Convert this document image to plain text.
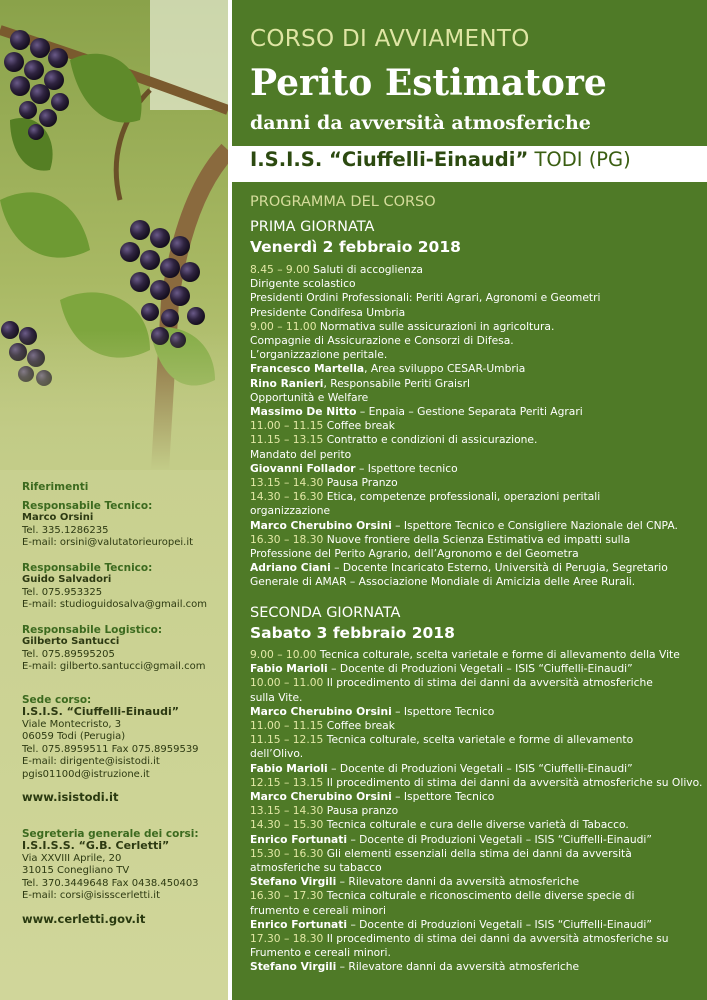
Riferimenti
Responsabile Tecnico:
Marco Orsini
Tel. 335.1286235
E-mail: orsini@valutatorieuropei.it
Responsabile Tecnico:
Guido Salvadori
Tel. 075.953325
E-mail: studioguidosalva@gmail.com
Responsabile Logistico:
Gilberto Santucci
Tel. 075.89595205
E-mail: gilberto.santucci@gmail.com
Sede corso:
I.S.I.S. “Ciuffelli-Einaudi”
Viale Montecristo, 3
06059 Todi (Perugia)
Tel. 075.8959511 Fax 075.8959539
E-mail: dirigente@isistodi.it
pgis01100d@istruzione.it
www.isistodi.it
Segreteria generale dei corsi:
I.S.I.S.S. “G.B. Cerletti”
Via XXVIII Aprile, 20
31015 Conegliano TV
Tel. 370.3449648 Fax 0438.450403
E-mail: corsi@isisscerletti.it
www.cerletti.gov.it
CORSO DI AVVIAMENTO
Perito Estimatore
danni da avversità atmosferiche
I.S.I.S. “Ciuffelli-Einaudi” TODI (PG)
PROGRAMMA DEL CORSO
PRIMA GIORNATA
Venerdì 2 febbraio 2018
8.45 – 9.00 Saluti di accoglienza
Dirigente scolastico
Presidenti Ordini Professionali: Periti Agrari, Agronomi e Geometri
Presidente Condifesa Umbria
9.00 – 11.00 Normativa sulle assicurazioni in agricoltura.
Compagnie di Assicurazione e Consorzi di Difesa.
L’organizzazione peritale.
Francesco Martella, Area sviluppo CESAR-Umbria
Rino Ranieri, Responsabile Periti Graisrl
Opportunità e Welfare
Massimo De Nitto – Enpaia – Gestione Separata Periti Agrari
11.00 – 11.15 Coffee break
11.15 – 13.15 Contratto e condizioni di assicurazione.
Mandato del perito
Giovanni Follador – Ispettore tecnico
13.15 – 14.30 Pausa Pranzo
14.30 – 16.30 Etica, competenze professionali, operazioni peritali
organizzazione
Marco Cherubino Orsini – Ispettore Tecnico e Consigliere Nazionale del CNPA.
16.30 – 18.30 Nuove frontiere della Scienza Estimativa ed impatti sulla
Professione del Perito Agrario, dell’Agronomo e del Geometra
Adriano Ciani – Docente Incaricato Esterno, Università di Perugia, Segretario
Generale di AMAR – Associazione Mondiale di Amicizia delle Aree Rurali.
SECONDA GIORNATA
Sabato 3 febbraio 2018
9.00 – 10.00 Tecnica colturale, scelta varietale e forme di allevamento della Vite
Fabio Marioli – Docente di Produzioni Vegetali – ISIS “Ciuffelli-Einaudi”
10.00 – 11.00 Il procedimento di stima dei danni da avversità atmosferiche
sulla Vite.
Marco Cherubino Orsini – Ispettore Tecnico
11.00 – 11.15 Coffee break
11.15 – 12.15 Tecnica colturale, scelta varietale e forme di allevamento
dell’Olivo.
Fabio Marioli – Docente di Produzioni Vegetali – ISIS “Ciuffelli-Einaudi”
12.15 – 13.15 Il procedimento di stima dei danni da avversità atmosferiche su Olivo.
Marco Cherubino Orsini – Ispettore Tecnico
13.15 – 14.30 Pausa pranzo
14.30 – 15.30 Tecnica colturale e cura delle diverse varietà di Tabacco.
Enrico Fortunati – Docente di Produzioni Vegetali – ISIS “Ciuffelli-Einaudi”
15.30 – 16.30 Gli elementi essenziali della stima dei danni da avversità
atmosferiche su tabacco
Stefano Virgili – Rilevatore danni da avversità atmosferiche
16.30 – 17.30 Tecnica colturale e riconoscimento delle diverse specie di
frumento e cereali minori
Enrico Fortunati – Docente di Produzioni Vegetali – ISIS “Ciuffelli-Einaudi”
17.30 – 18.30 Il procedimento di stima dei danni da avversità atmosferiche su
Frumento e cereali minori.
Stefano Virgili – Rilevatore danni da avversità atmosferiche
